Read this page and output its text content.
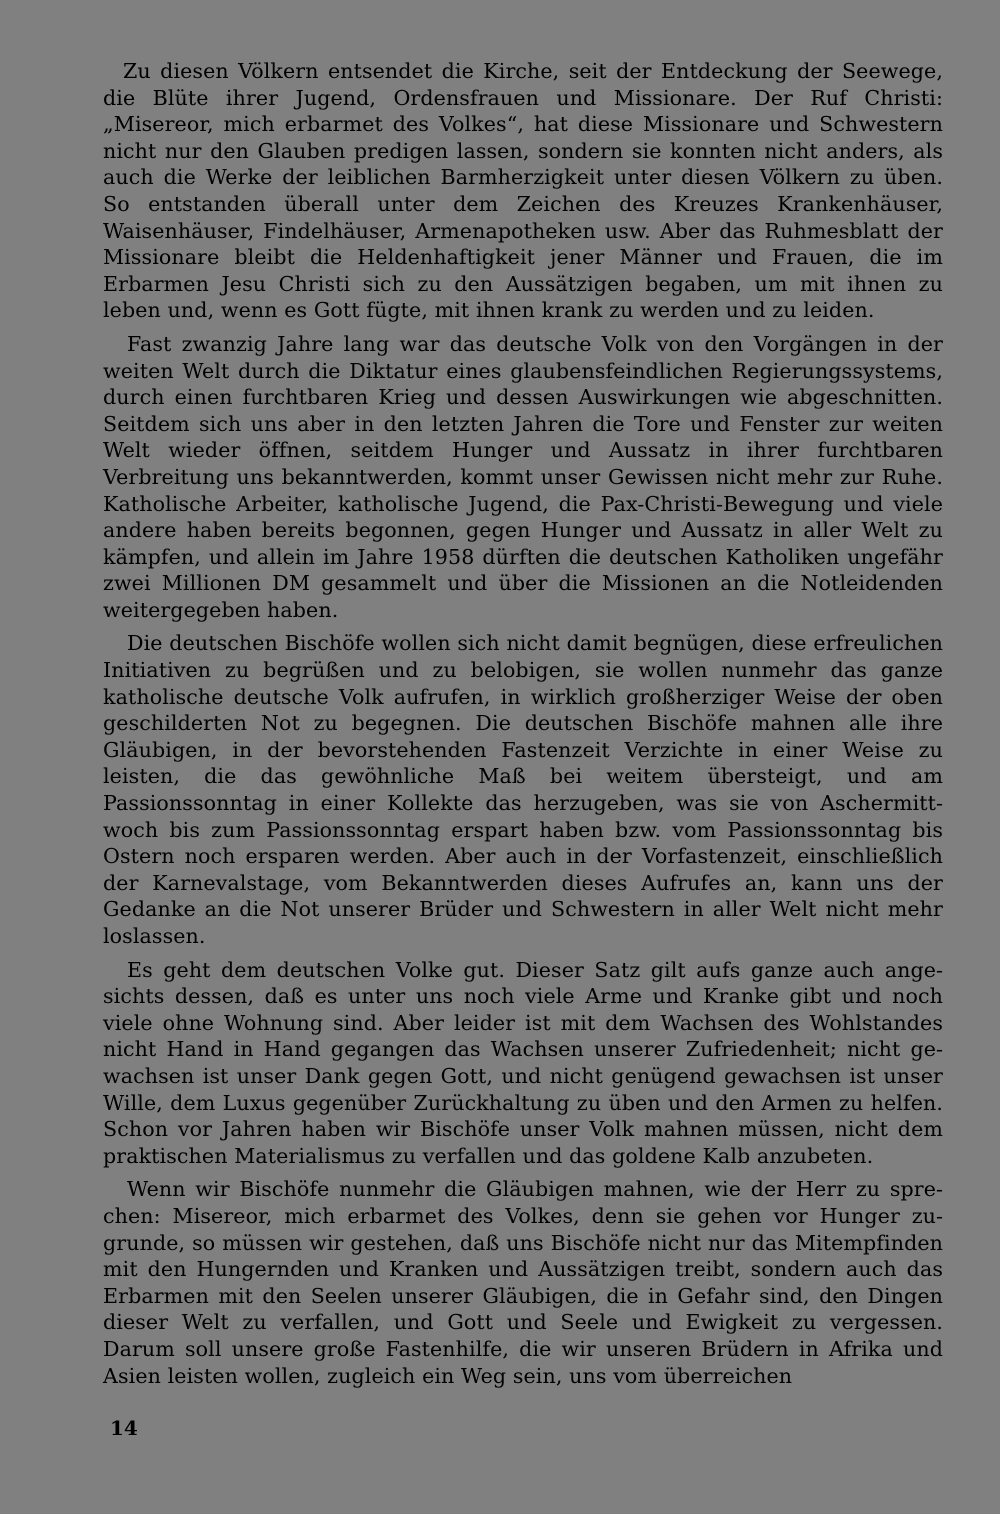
Zu diesen Völkern entsendet die Kirche, seit der Entdeckung der Seewege, die Blüte ihrer Jugend, Ordensfrauen und Missionare. Der Ruf Christi: „Misereor, mich erbarmet des Volkes“, hat diese Missionare und Schwestern nicht nur den Glauben predigen lassen, sondern sie konnten nicht anders, als auch die Werke der leiblichen Barmherzigkeit unter diesen Völkern zu üben. So entstanden überall unter dem Zeichen des Kreuzes Krankenhäuser, Waisenhäuser, Findelhäuser, Armenapotheken usw. Aber das Ruhmesblatt der Missionare bleibt die Heldenhaftigkeit jener Männer und Frauen, die im Erbarmen Jesu Christi sich zu den Aussätzigen begaben, um mit ihnen zu leben und, wenn es Gott fügte, mit ihnen krank zu werden und zu leiden.

Fast zwanzig Jahre lang war das deutsche Volk von den Vorgängen in der weiten Welt durch die Diktatur eines glaubensfeindlichen Regierungssystems, durch einen furchtbaren Krieg und dessen Auswirkungen wie abgeschnitten. Seitdem sich uns aber in den letzten Jahren die Tore und Fenster zur weiten Welt wieder öffnen, seitdem Hunger und Aussatz in ihrer furchtbaren Verbreitung uns bekanntwerden, kommt unser Gewissen nicht mehr zur Ruhe. Katholische Arbeiter, katholische Jugend, die Pax-Christi-Bewegung und viele andere haben bereits begonnen, gegen Hunger und Aussatz in aller Welt zu kämpfen, und allein im Jahre 1958 dürften die deutschen Katholiken ungefähr zwei Millionen DM gesammelt und über die Missionen an die Notleidenden weitergegeben haben.

Die deutschen Bischöfe wollen sich nicht damit begnügen, diese erfreulichen Initiativen zu begrüßen und zu belobigen, sie wollen nunmehr das ganze katholische deutsche Volk aufrufen, in wirklich großherziger Weise der oben geschilderten Not zu begegnen. Die deutschen Bischöfe mahnen alle ihre Gläubigen, in der bevorstehenden Fastenzeit Verzichte in einer Weise zu leisten, die das gewöhnliche Maß bei weitem übersteigt, und am Passionssonntag in einer Kollekte das herzugeben, was sie von Aschermittwoch bis zum Passionssonntag erspart haben bzw. vom Passionssonntag bis Ostern noch ersparen werden. Aber auch in der Vorfastenzeit, einschließlich der Karnevalstage, vom Bekanntwerden dieses Aufrufes an, kann uns der Gedanke an die Not unserer Brüder und Schwestern in aller Welt nicht mehr loslassen.

Es geht dem deutschen Volke gut. Dieser Satz gilt aufs ganze auch angesichts dessen, daß es unter uns noch viele Arme und Kranke gibt und noch viele ohne Wohnung sind. Aber leider ist mit dem Wachsen des Wohlstandes nicht Hand in Hand gegangen das Wachsen unserer Zufriedenheit; nicht gewachsen ist unser Dank gegen Gott, und nicht genügend gewachsen ist unser Wille, dem Luxus gegenüber Zurückhaltung zu üben und den Armen zu helfen. Schon vor Jahren haben wir Bischöfe unser Volk mahnen müssen, nicht dem praktischen Materialismus zu verfallen und das goldene Kalb anzubeten.

Wenn wir Bischöfe nunmehr die Gläubigen mahnen, wie der Herr zu sprechen: Misereor, mich erbarmet des Volkes, denn sie gehen vor Hunger zugrunde, so müssen wir gestehen, daß uns Bischöfe nicht nur das Mitempfinden mit den Hungernden und Kranken und Aussätzigen treibt, sondern auch das Erbarmen mit den Seelen unserer Gläubigen, die in Gefahr sind, den Dingen dieser Welt zu verfallen, und Gott und Seele und Ewigkeit zu vergessen. Darum soll unsere große Fastenhilfe, die wir unseren Brüdern in Afrika und Asien leisten wollen, zugleich ein Weg sein, uns vom überreichen

14
